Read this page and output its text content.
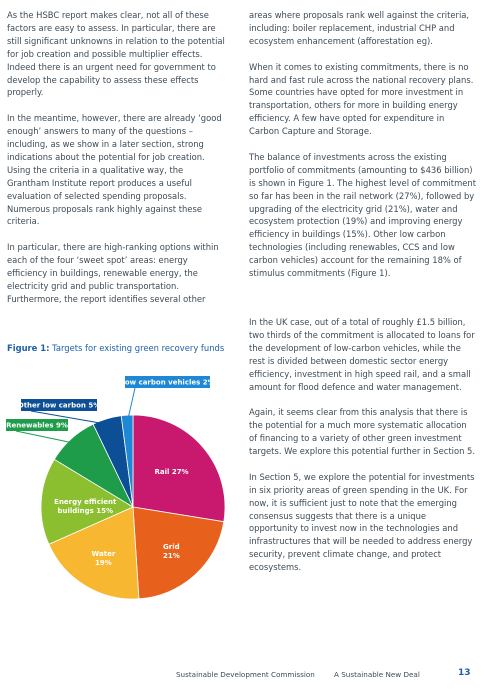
As the HSBC report makes clear, not all of these factors are easy to assess. In particular, there are still significant unknowns in relation to the potential for job creation and possible multiplier effects. Indeed there is an urgent need for government to develop the capability to assess these effects properly.

In the meantime, however, there are already ‘good enough’ answers to many of the questions – including, as we show in a later section, strong indications about the potential for job creation. Using the criteria in a qualitative way, the Grantham Institute report produces a useful evaluation of selected spending proposals. Numerous proposals rank highly against these criteria.

In particular, there are high-ranking options within each of the four ‘sweet spot’ areas: energy efficiency in buildings, renewable energy, the electricity grid and public transportation. Furthermore, the report identifies several other

areas where proposals rank well against the criteria, including: boiler replacement, industrial CHP and ecosystem enhancement (afforestation eg).

When it comes to existing commitments, there is no hard and fast rule across the national recovery plans. Some countries have opted for more investment in transportation, others for more in building energy efficiency. A few have opted for expenditure in Carbon Capture and Storage.

The balance of investments across the existing portfolio of commitments (amounting to $436 billion) is shown in Figure 1. The highest level of commitment so far has been in the rail network (27%), followed by upgrading of the electricity grid (21%), water and ecosystem protection (19%) and improving energy efficiency in buildings (15%). Other low carbon technologies (including renewables, CCS and low carbon vehicles) account for the remaining 18% of stimulus commitments (Figure 1).

Figure 1: Targets for existing green recovery funds

In the UK case, out of a total of roughly £1.5 billion, two thirds of the commitment is allocated to loans for the development of low-carbon vehicles, while the rest is divided between domestic sector energy efficiency, investment in high speed rail, and a small amount for flood defence and water management.

Again, it seems clear from this analysis that there is the potential for a much more systematic allocation of financing to a variety of other green investment targets. We explore this potential further in Section 5.

In Section 5, we explore the potential for investments in six priority areas of green spending in the UK. For now, it is sufficient just to note that the emerging consensus suggests that there is a unique opportunity to invest now in the technologies and infrastructures that will be needed to address energy security, prevent climate change, and protect ecosystems.

Rail 27%
Grid 21%
Water 19%
Energy efficient buildings 15%
Renewables 9%
Other low carbon 5%
Low carbon vehicles 2%
Sustainable Development Commission	A Sustainable New Deal	13
